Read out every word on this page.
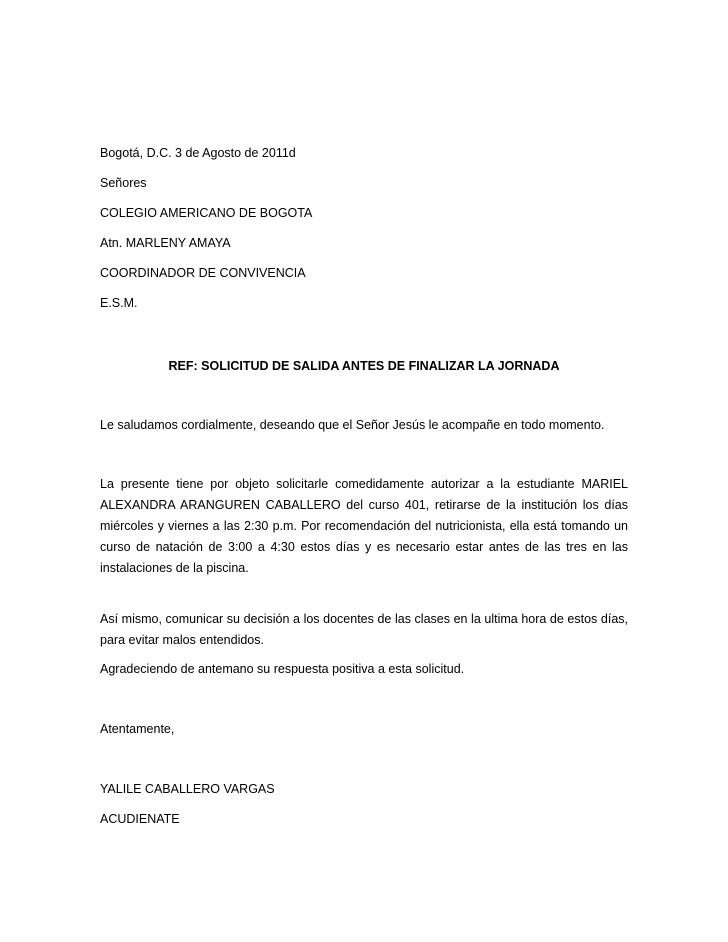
Bogotá, D.C. 3 de Agosto de 2011d
Señores
COLEGIO AMERICANO DE BOGOTA
Atn. MARLENY AMAYA
COORDINADOR DE CONVIVENCIA
E.S.M.
REF: SOLICITUD DE SALIDA ANTES DE FINALIZAR LA JORNADA
Le saludamos cordialmente, deseando que el Señor Jesús le acompañe en todo momento.
La presente tiene por objeto solicitarle comedidamente autorizar a la estudiante MARIEL ALEXANDRA ARANGUREN CABALLERO del curso 401, retirarse de la institución los días miércoles y viernes a las 2:30 p.m. Por recomendación del nutricionista, ella está tomando un curso de natación de 3:00 a 4:30 estos días y es necesario estar antes de las tres en las instalaciones de la piscina.
Así mismo, comunicar su decisión a los docentes de las clases en la ultima hora de estos días, para evitar malos entendidos.
Agradeciendo de antemano su respuesta positiva a esta solicitud.
Atentamente,
YALILE CABALLERO VARGAS
ACUDIENATE
